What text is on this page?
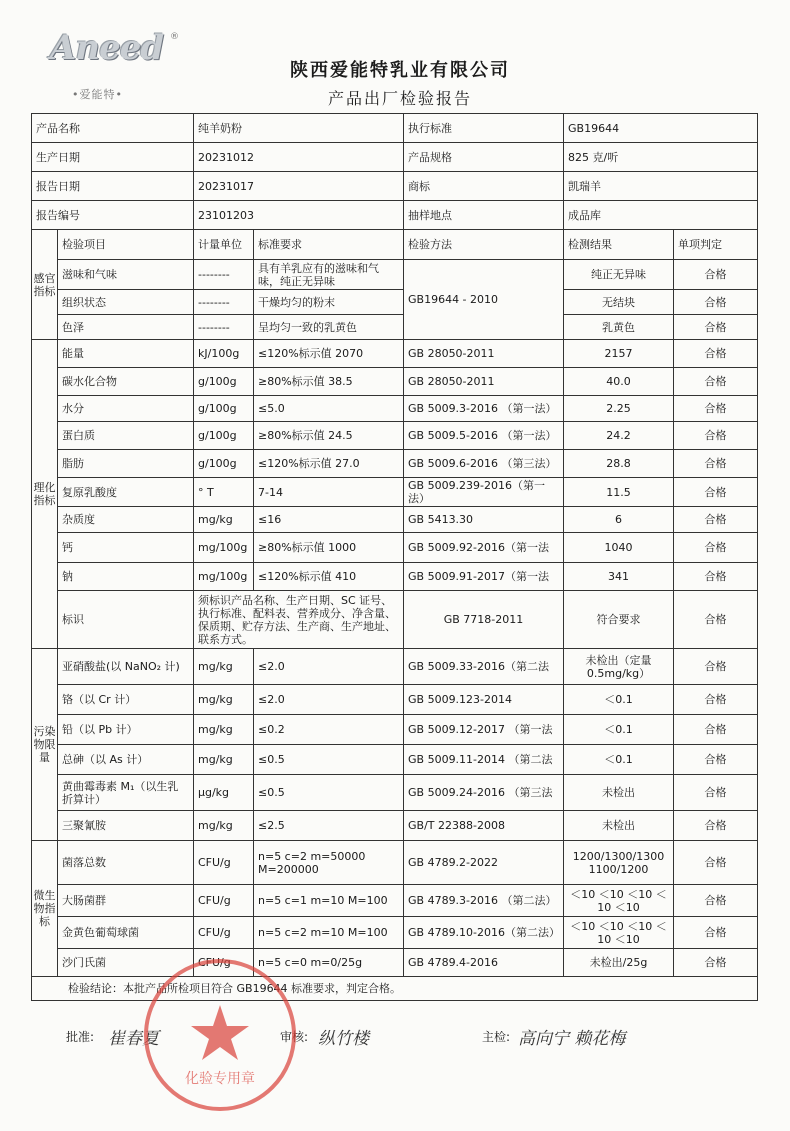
Aneed ®
•爱能特•
陕西爱能特乳业有限公司
产品出厂检验报告
产品名称		纯羊奶粉		执行标准	GB19644	
生产日期		20231012		产品规格	825 克/听	
报告日期		20231017		商标	凯瑞羊	
报告编号		23101203		抽样地点	成品库	
感官指标	检验项目	计量单位	标准要求	检验方法	检测结果	单项判定
	滋味和气味	--------	具有羊乳应有的滋味和气味，纯正无异味	GB19644 - 2010	纯正无异味	合格
	组织状态	--------	干燥均匀的粉末		无结块	合格
	色泽	--------	呈均匀一致的乳黄色		乳黄色	合格
理化指标	能量	kJ/100g	≤120%标示值 2070	GB 28050-2011	2157	合格
	碳水化合物	g/100g	≥80%标示值 38.5	GB 28050-2011	40.0	合格
	水分	g/100g	≤5.0	GB 5009.3-2016 （第一法）	2.25	合格
	蛋白质	g/100g	≥80%标示值 24.5	GB 5009.5-2016 （第一法）	24.2	合格
	脂肪	g/100g	≤120%标示值 27.0	GB 5009.6-2016 （第三法）	28.8	合格
	复原乳酸度	° T	7-14	GB 5009.239-2016（第一法）	11.5	合格
	杂质度	mg/kg	≤16	GB 5413.30	6	合格
	钙	mg/100g	≥80%标示值 1000	GB 5009.92-2016（第一法	1040	合格
	钠	mg/100g	≤120%标示值 410	GB 5009.91-2017（第一法	341	合格
	标识	须标识产品名称、生产日期、SC 证号、执行标准、配料表、营养成分、净含量、保质期、贮存方法、生产商、生产地址、联系方式。		GB 7718-2011	符合要求	合格
污染物限量	亚硝酸盐(以 NaNO₂ 计)	mg/kg	≤2.0	GB 5009.33-2016（第二法	未检出（定量 0.5mg/kg）	合格
	铬（以 Cr 计）	mg/kg	≤2.0	GB 5009.123-2014	＜0.1	合格
	铅（以 Pb 计）	mg/kg	≤0.2	GB 5009.12-2017 （第一法	＜0.1	合格
	总砷（以 As 计）	mg/kg	≤0.5	GB 5009.11-2014 （第二法	＜0.1	合格
	黄曲霉毒素 M₁（以生乳折算计）	μg/kg	≤0.5	GB 5009.24-2016 （第三法	未检出	合格
	三聚氰胺	mg/kg	≤2.5	GB/T 22388-2008	未检出	合格
微生物指标	菌落总数	CFU/g	n=5 c=2 m=50000 M=200000	GB 4789.2-2022	1200/1300/1300 1100/1200	合格
	大肠菌群	CFU/g	n=5 c=1 m=10 M=100	GB 4789.3-2016 （第二法）	＜10 ＜10 ＜10 ＜10 ＜10	合格
	金黄色葡萄球菌	CFU/g	n=5 c=2 m=10 M=100	GB 4789.10-2016（第二法）	＜10 ＜10 ＜10 ＜10 ＜10	合格
	沙门氏菌	CFU/g	n=5 c=0 m=0/25g	GB 4789.4-2016	未检出/25g	合格
检验结论：本批产品所检项目符合 GB19644 标准要求，判定合格。						
批准: 崔春夏	审核: 纵竹楼	主检: 高向宁 赖花梅
化验专用章
